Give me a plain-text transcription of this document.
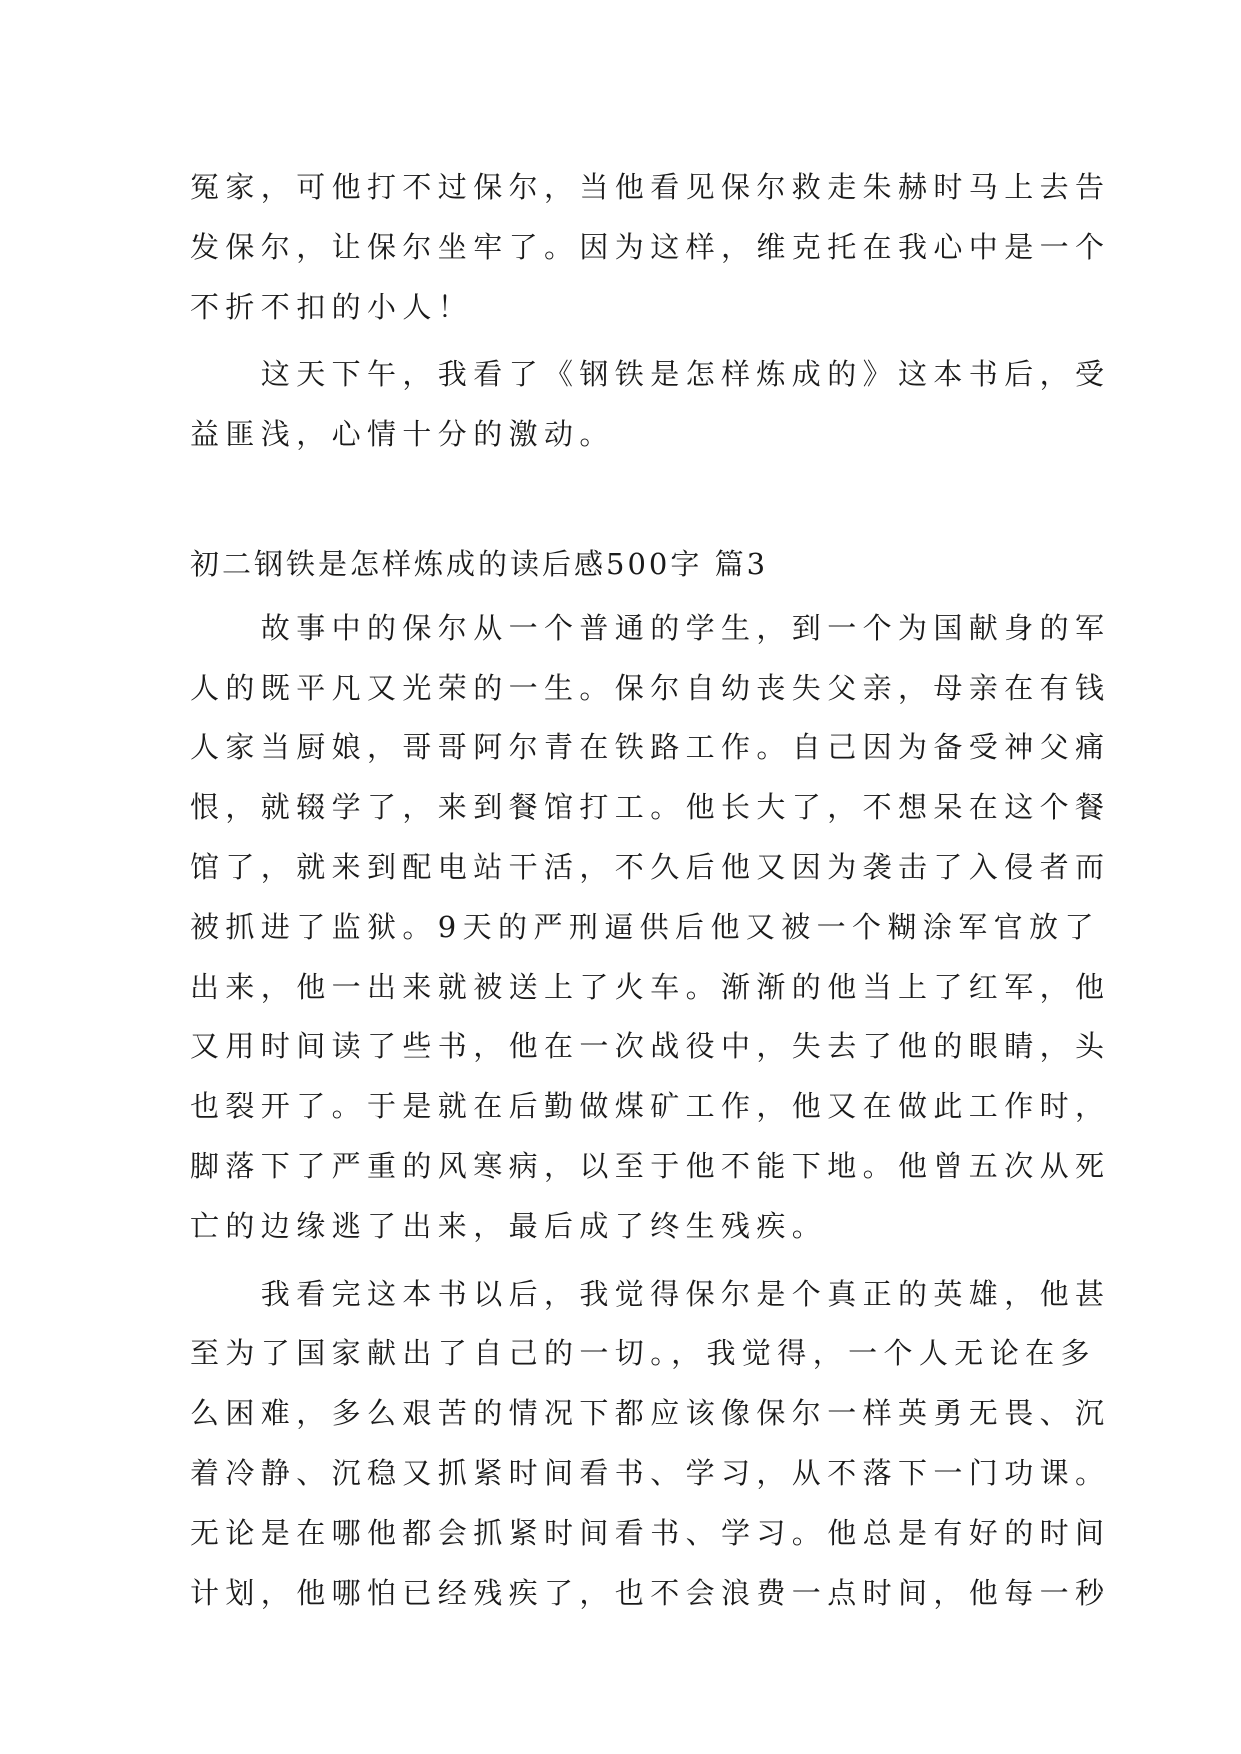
冤家，可他打不过保尔，当他看见保尔救走朱赫时马上去告
发保尔，让保尔坐牢了。因为这样，维克托在我心中是一个
不折不扣的小人！
　　这天下午，我看了《钢铁是怎样炼成的》这本书后，受
益匪浅，心情十分的激动。
初二钢铁是怎样炼成的读后感500字 篇3
　　故事中的保尔从一个普通的学生，到一个为国献身的军
人的既平凡又光荣的一生。保尔自幼丧失父亲，母亲在有钱
人家当厨娘，哥哥阿尔青在铁路工作。自己因为备受神父痛
恨，就辍学了，来到餐馆打工。他长大了，不想呆在这个餐
馆了，就来到配电站干活，不久后他又因为袭击了入侵者而
被抓进了监狱。9天的严刑逼供后他又被一个糊涂军官放了
出来，他一出来就被送上了火车。渐渐的他当上了红军，他
又用时间读了些书，他在一次战役中，失去了他的眼睛，头
也裂开了。于是就在后勤做煤矿工作，他又在做此工作时，
脚落下了严重的风寒病，以至于他不能下地。他曾五次从死
亡的边缘逃了出来，最后成了终生残疾。
　　我看完这本书以后，我觉得保尔是个真正的英雄，他甚
至为了国家献出了自己的一切。，我觉得，一个人无论在多
么困难，多么艰苦的情况下都应该像保尔一样英勇无畏、沉
着冷静、沉稳又抓紧时间看书、学习，从不落下一门功课。
无论是在哪他都会抓紧时间看书、学习。他总是有好的时间
计划，他哪怕已经残疾了，也不会浪费一点时间，他每一秒
